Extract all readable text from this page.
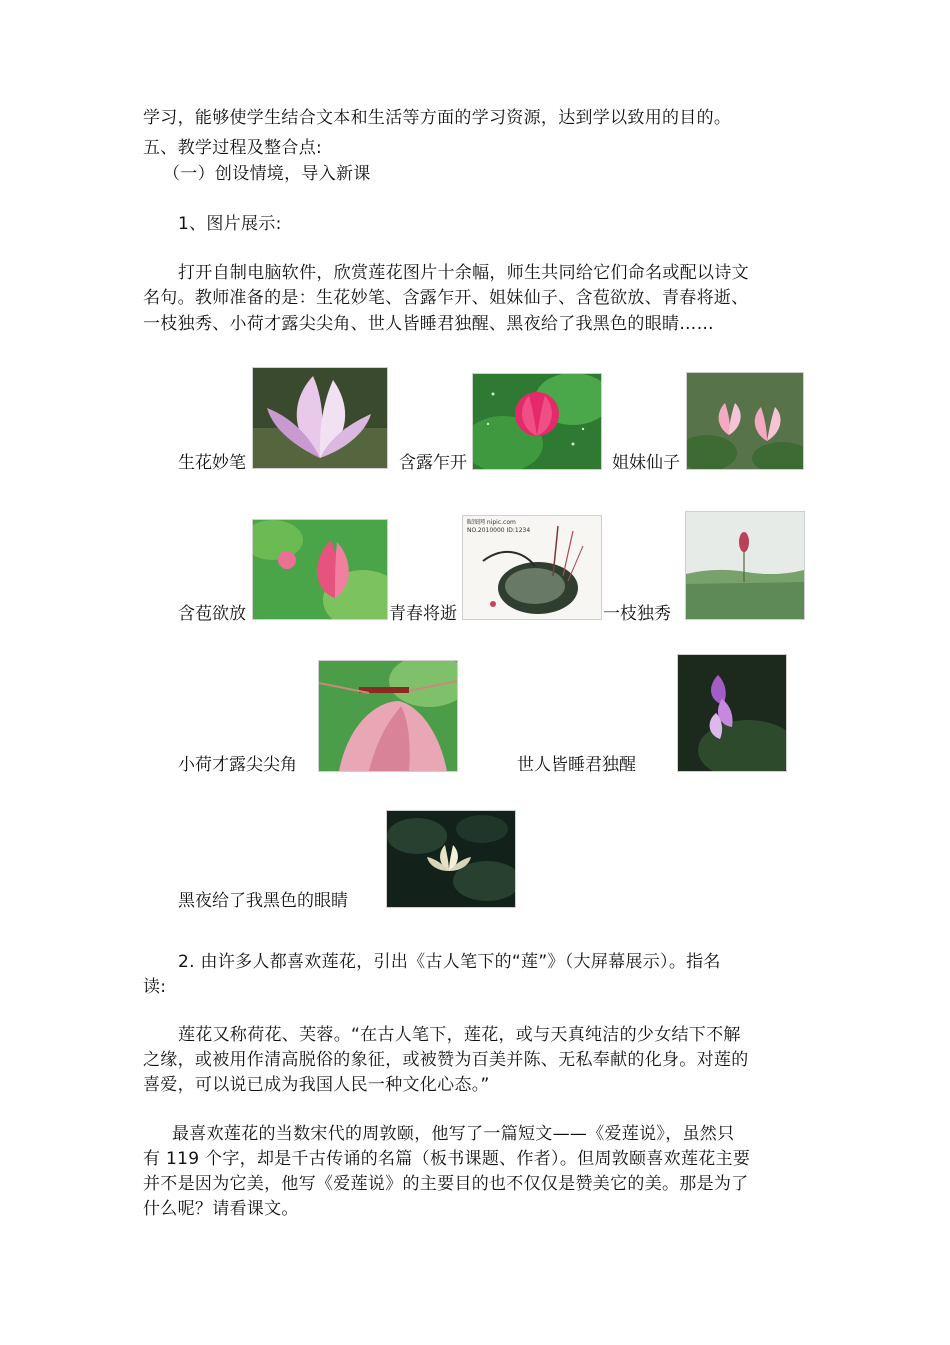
学习，能够使学生结合文本和生活等方面的学习资源，达到学以致用的目的。
五、教学过程及整合点:
（一）创设情境，导入新课
1、图片展示:
打开自制电脑软件，欣赏莲花图片十余幅，师生共同给它们命名或配以诗文
名句。教师准备的是：生花妙笔、含露乍开、姐妹仙子、含苞欲放、青春将逝、
一枝独秀、小荷才露尖尖角、世人皆睡君独醒、黑夜给了我黑色的眼睛……
生花妙笔	含露乍开	姐妹仙子
含苞欲放	青春将逝
昵图网 nipic.com
NO.2010000 ID:1234
一枝独秀
小荷才露尖尖角	世人皆睡君独醒
黑夜给了我黑色的眼睛
2. 由许多人都喜欢莲花，引出《古人笔下的“莲”》（大屏幕展示）。指名
读:
莲花又称荷花、芙蓉。“在古人笔下，莲花，或与天真纯洁的少女结下不解
之缘，或被用作清高脱俗的象征，或被赞为百美并陈、无私奉献的化身。对莲的
喜爱，可以说已成为我国人民一种文化心态。”
最喜欢莲花的当数宋代的周敦颐，他写了一篇短文——《爱莲说》，虽然只
有 119 个字，却是千古传诵的名篇（板书课题、作者）。但周敦颐喜欢莲花主要
并不是因为它美，他写《爱莲说》的主要目的也不仅仅是赞美它的美。那是为了
什么呢？请看课文。
